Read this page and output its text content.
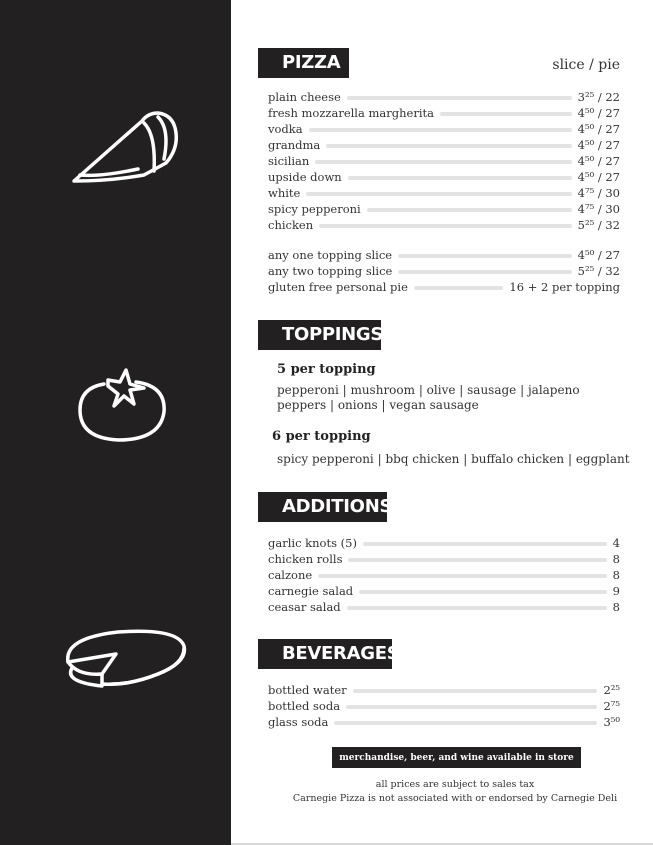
PIZZA	slice / pie
plain cheese	3²⁵ / 22
fresh mozzarella margherita	4⁵⁰ / 27
vodka	4⁵⁰ / 27
grandma	4⁵⁰ / 27
sicilian	4⁵⁰ / 27
upside down	4⁵⁰ / 27
white	4⁷⁵ / 30
spicy pepperoni	4⁷⁵ / 30
chicken	5²⁵ / 32
any one topping slice	4⁵⁰ / 27
any two topping slice	5²⁵ / 32
gluten free personal pie	16 + 2 per topping
TOPPINGS
5 per topping
pepperoni | mushroom | olive | sausage | jalapeno
peppers | onions | vegan sausage
6 per topping
spicy pepperoni | bbq chicken | buffalo chicken | eggplant
ADDITIONS
garlic knots (5)	4
chicken rolls	8
calzone	8
carnegie salad	9
ceasar salad	8
BEVERAGES
bottled water	2²⁵
bottled soda	2⁷⁵
glass soda	3⁵⁰
merchandise, beer, and wine available in store
all prices are subject to sales tax
Carnegie Pizza is not associated with or endorsed by Carnegie Deli
